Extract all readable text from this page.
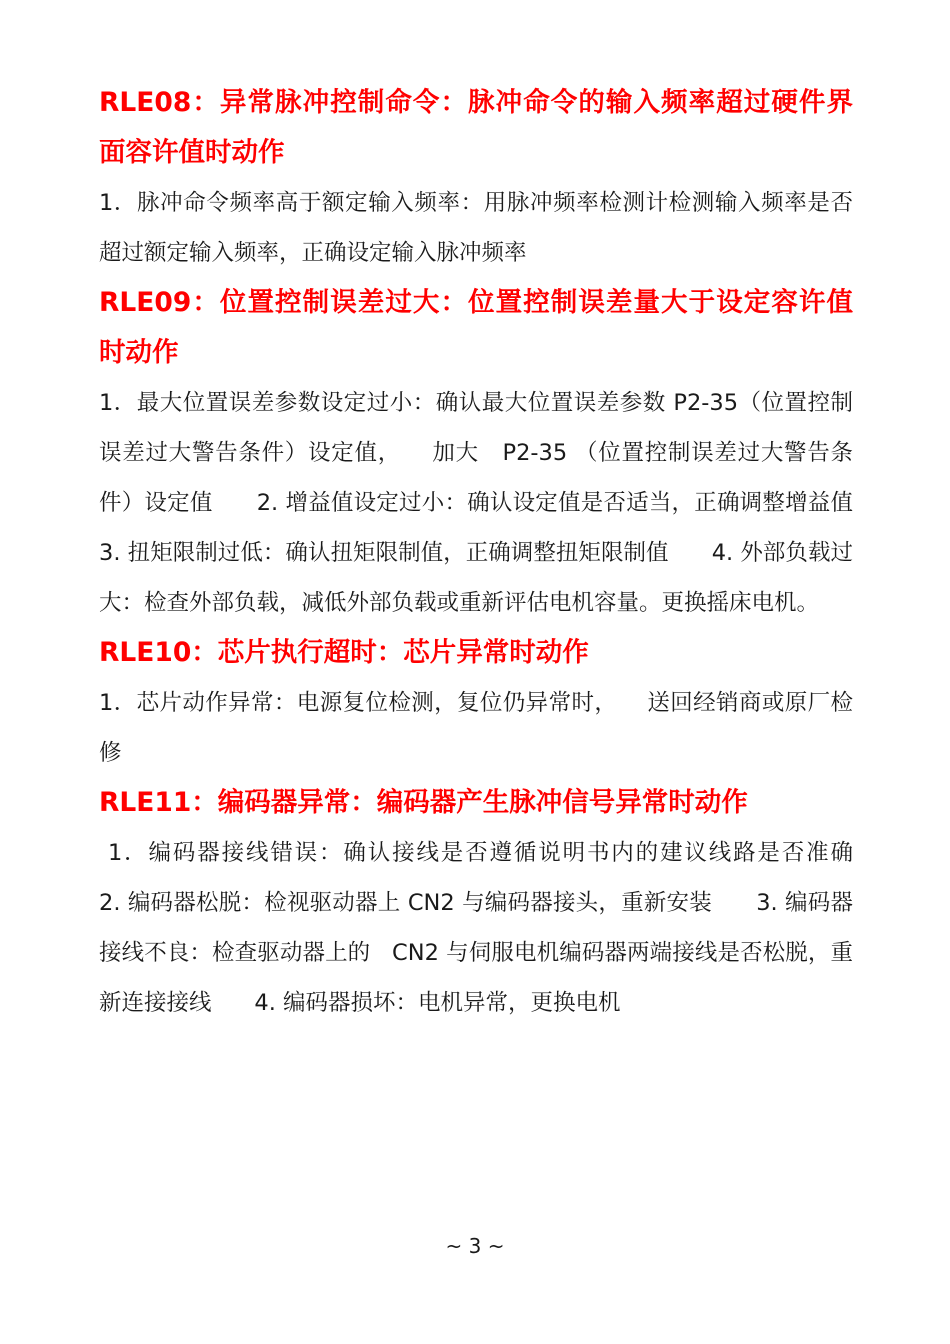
RLE08：异常脉冲控制命令：脉冲命令的输入频率超过硬件界面容许值时动作

1．脉冲命令频率高于额定输入频率：用脉冲频率检测计检测输入频率是否超过额定输入频率，正确设定输入脉冲频率

RLE09：位置控制误差过大：位置控制误差量大于设定容许值时动作

1．最大位置误差参数设定过小：确认最大位置误差参数 P2-35（位置控制误差过大警告条件）设定值，    加大   P2-35 （位置控制误差过大警告条件）设定值      2. 增益值设定过小：确认设定值是否适当，正确调整增益值      3. 扭矩限制过低：确认扭矩限制值，正确调整扭矩限制值      4. 外部负载过大：检查外部负载，减低外部负载或重新评估电机容量。更换摇床电机。

RLE10：芯片执行超时：芯片异常时动作

1．芯片动作异常：电源复位检测，复位仍异常时，    送回经销商或原厂检修

RLE11：编码器异常：编码器产生脉冲信号异常时动作

1．编码器接线错误：确认接线是否遵循说明书内的建议线路是否准确      2. 编码器松脱：检视驱动器上 CN2 与编码器接头，重新安装      3. 编码器接线不良：检查驱动器上的   CN2 与伺服电机编码器两端接线是否松脱，重新连接接线      4. 编码器损坏：电机异常，更换电机

~ 3 ~
